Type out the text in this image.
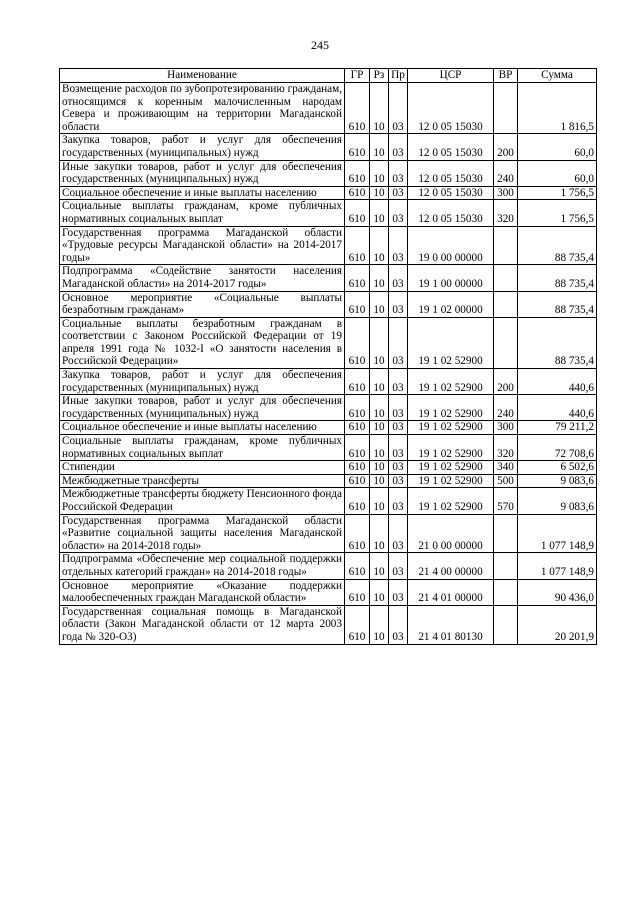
245
Наименование	ГР	Рз	Пр	ЦСР	ВР	Сумма
Возмещение расходов по зубопротезированию гражданам, относящимся к коренным малочисленным народам Севера и проживающим на территории Магаданской области	610	10	03	12 0 05 15030		1 816,5
Закупка товаров, работ и услуг для обеспечения государственных (муниципальных) нужд	610	10	03	12 0 05 15030	200	60,0
Иные закупки товаров, работ и услуг для обеспечения государственных (муниципальных) нужд	610	10	03	12 0 05 15030	240	60,0
Социальное обеспечение и иные выплаты населению	610	10	03	12 0 05 15030	300	1 756,5
Социальные выплаты гражданам, кроме публичных нормативных социальных выплат	610	10	03	12 0 05 15030	320	1 756,5
Государственная программа Магаданской области «Трудовые ресурсы Магаданской области» на 2014-2017 годы»	610	10	03	19 0 00 00000		88 735,4
Подпрограмма «Содействие занятости населения Магаданской области» на 2014-2017 годы»	610	10	03	19 1 00 00000		88 735,4
Основное мероприятие «Социальные выплаты безработным гражданам»	610	10	03	19 1 02 00000		88 735,4
Социальные выплаты безработным гражданам в соответствии с Законом Российской Федерации от 19 апреля 1991 года № 1032-I «О занятости населения в Российской Федерации»	610	10	03	19 1 02 52900		88 735,4
Закупка товаров, работ и услуг для обеспечения государственных (муниципальных) нужд	610	10	03	19 1 02 52900	200	440,6
Иные закупки товаров, работ и услуг для обеспечения государственных (муниципальных) нужд	610	10	03	19 1 02 52900	240	440,6
Социальное обеспечение и иные выплаты населению	610	10	03	19 1 02 52900	300	79 211,2
Социальные выплаты гражданам, кроме публичных нормативных социальных выплат	610	10	03	19 1 02 52900	320	72 708,6
Стипендии	610	10	03	19 1 02 52900	340	6 502,6
Межбюджетные трансферты	610	10	03	19 1 02 52900	500	9 083,6
Межбюджетные трансферты бюджету Пенсионного фонда Российской Федерации	610	10	03	19 1 02 52900	570	9 083,6
Государственная программа Магаданской области «Развитие социальной защиты населения Магаданской области» на 2014-2018 годы»	610	10	03	21 0 00 00000		1 077 148,9
Подпрограмма «Обеспечение мер социальной поддержки отдельных категорий граждан» на 2014-2018 годы»	610	10	03	21 4 00 00000		1 077 148,9
Основное мероприятие «Оказание поддержки малообеспеченных граждан Магаданской области»	610	10	03	21 4 01 00000		90 436,0
Государственная социальная помощь в Магаданской области (Закон Магаданской области от 12 марта 2003 года № 320-ОЗ)	610	10	03	21 4 01 80130		20 201,9
